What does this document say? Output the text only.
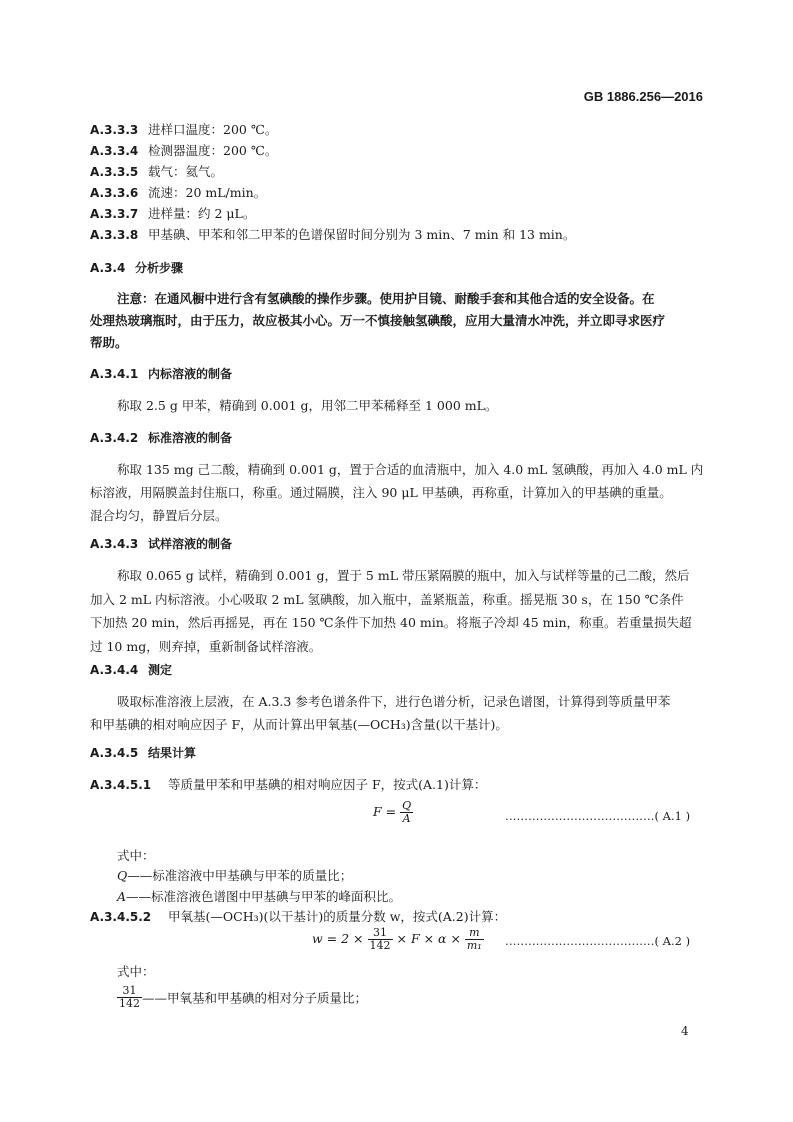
GB 1886.256—2016
A.3.3.3 进样口温度：200 ℃。
A.3.3.4 检测器温度：200 ℃。
A.3.3.5 载气：氦气。
A.3.3.6 流速：20 mL/min。
A.3.3.7 进样量：约 2 μL。
A.3.3.8 甲基碘、甲苯和邻二甲苯的色谱保留时间分别为 3 min、7 min 和 13 min。
A.3.4 分析步骤
注意：在通风橱中进行含有氢碘酸的操作步骤。使用护目镜、耐酸手套和其他合适的安全设备。在
处理热玻璃瓶时，由于压力，故应极其小心。万一不慎接触氢碘酸，应用大量清水冲洗，并立即寻求医疗
帮助。
A.3.4.1 内标溶液的制备
称取 2.5 g 甲苯，精确到 0.001 g，用邻二甲苯稀释至 1 000 mL。
A.3.4.2 标准溶液的制备
称取 135 mg 己二酸，精确到 0.001 g，置于合适的血清瓶中，加入 4.0 mL 氢碘酸，再加入 4.0 mL 内
标溶液，用隔膜盖封住瓶口，称重。通过隔膜，注入 90 μL 甲基碘，再称重，计算加入的甲基碘的重量。
混合均匀，静置后分层。
A.3.4.3 试样溶液的制备
称取 0.065 g 试样，精确到 0.001 g，置于 5 mL 带压紧隔膜的瓶中，加入与试样等量的己二酸，然后
加入 2 mL 内标溶液。小心吸取 2 mL 氢碘酸，加入瓶中，盖紧瓶盖，称重。摇晃瓶 30 s，在 150 ℃条件
下加热 20 min，然后再摇晃，再在 150 ℃条件下加热 40 min。将瓶子冷却 45 min，称重。若重量损失超
过 10 mg，则弃掉，重新制备试样溶液。
A.3.4.4 测定
吸取标准溶液上层液，在 A.3.3 参考色谱条件下，进行色谱分析，记录色谱图，计算得到等质量甲苯
和甲基碘的相对响应因子 F，从而计算出甲氧基(—OCH₃)含量(以干基计)。
A.3.4.5 结果计算
A.3.4.5.1 等质量甲苯和甲基碘的相对响应因子 F，按式(A.1)计算：
$F = \frac{Q}{A}$	…………………………………( A.1 )
式中：
Q——标准溶液中甲基碘与甲苯的质量比；
A——标准溶液色谱图中甲基碘与甲苯的峰面积比。
A.3.4.5.2 甲氧基(—OCH₃)(以干基计)的质量分数 w，按式(A.2)计算：
$w = 2 \times \frac{31}{142} \times F \times \alpha \times \frac{m}{\text{m₁}}$ …………………………………( A.2 )
式中：
$\frac{31}{142}$ ——甲氧基和甲基碘的相对分子质量比；
4
